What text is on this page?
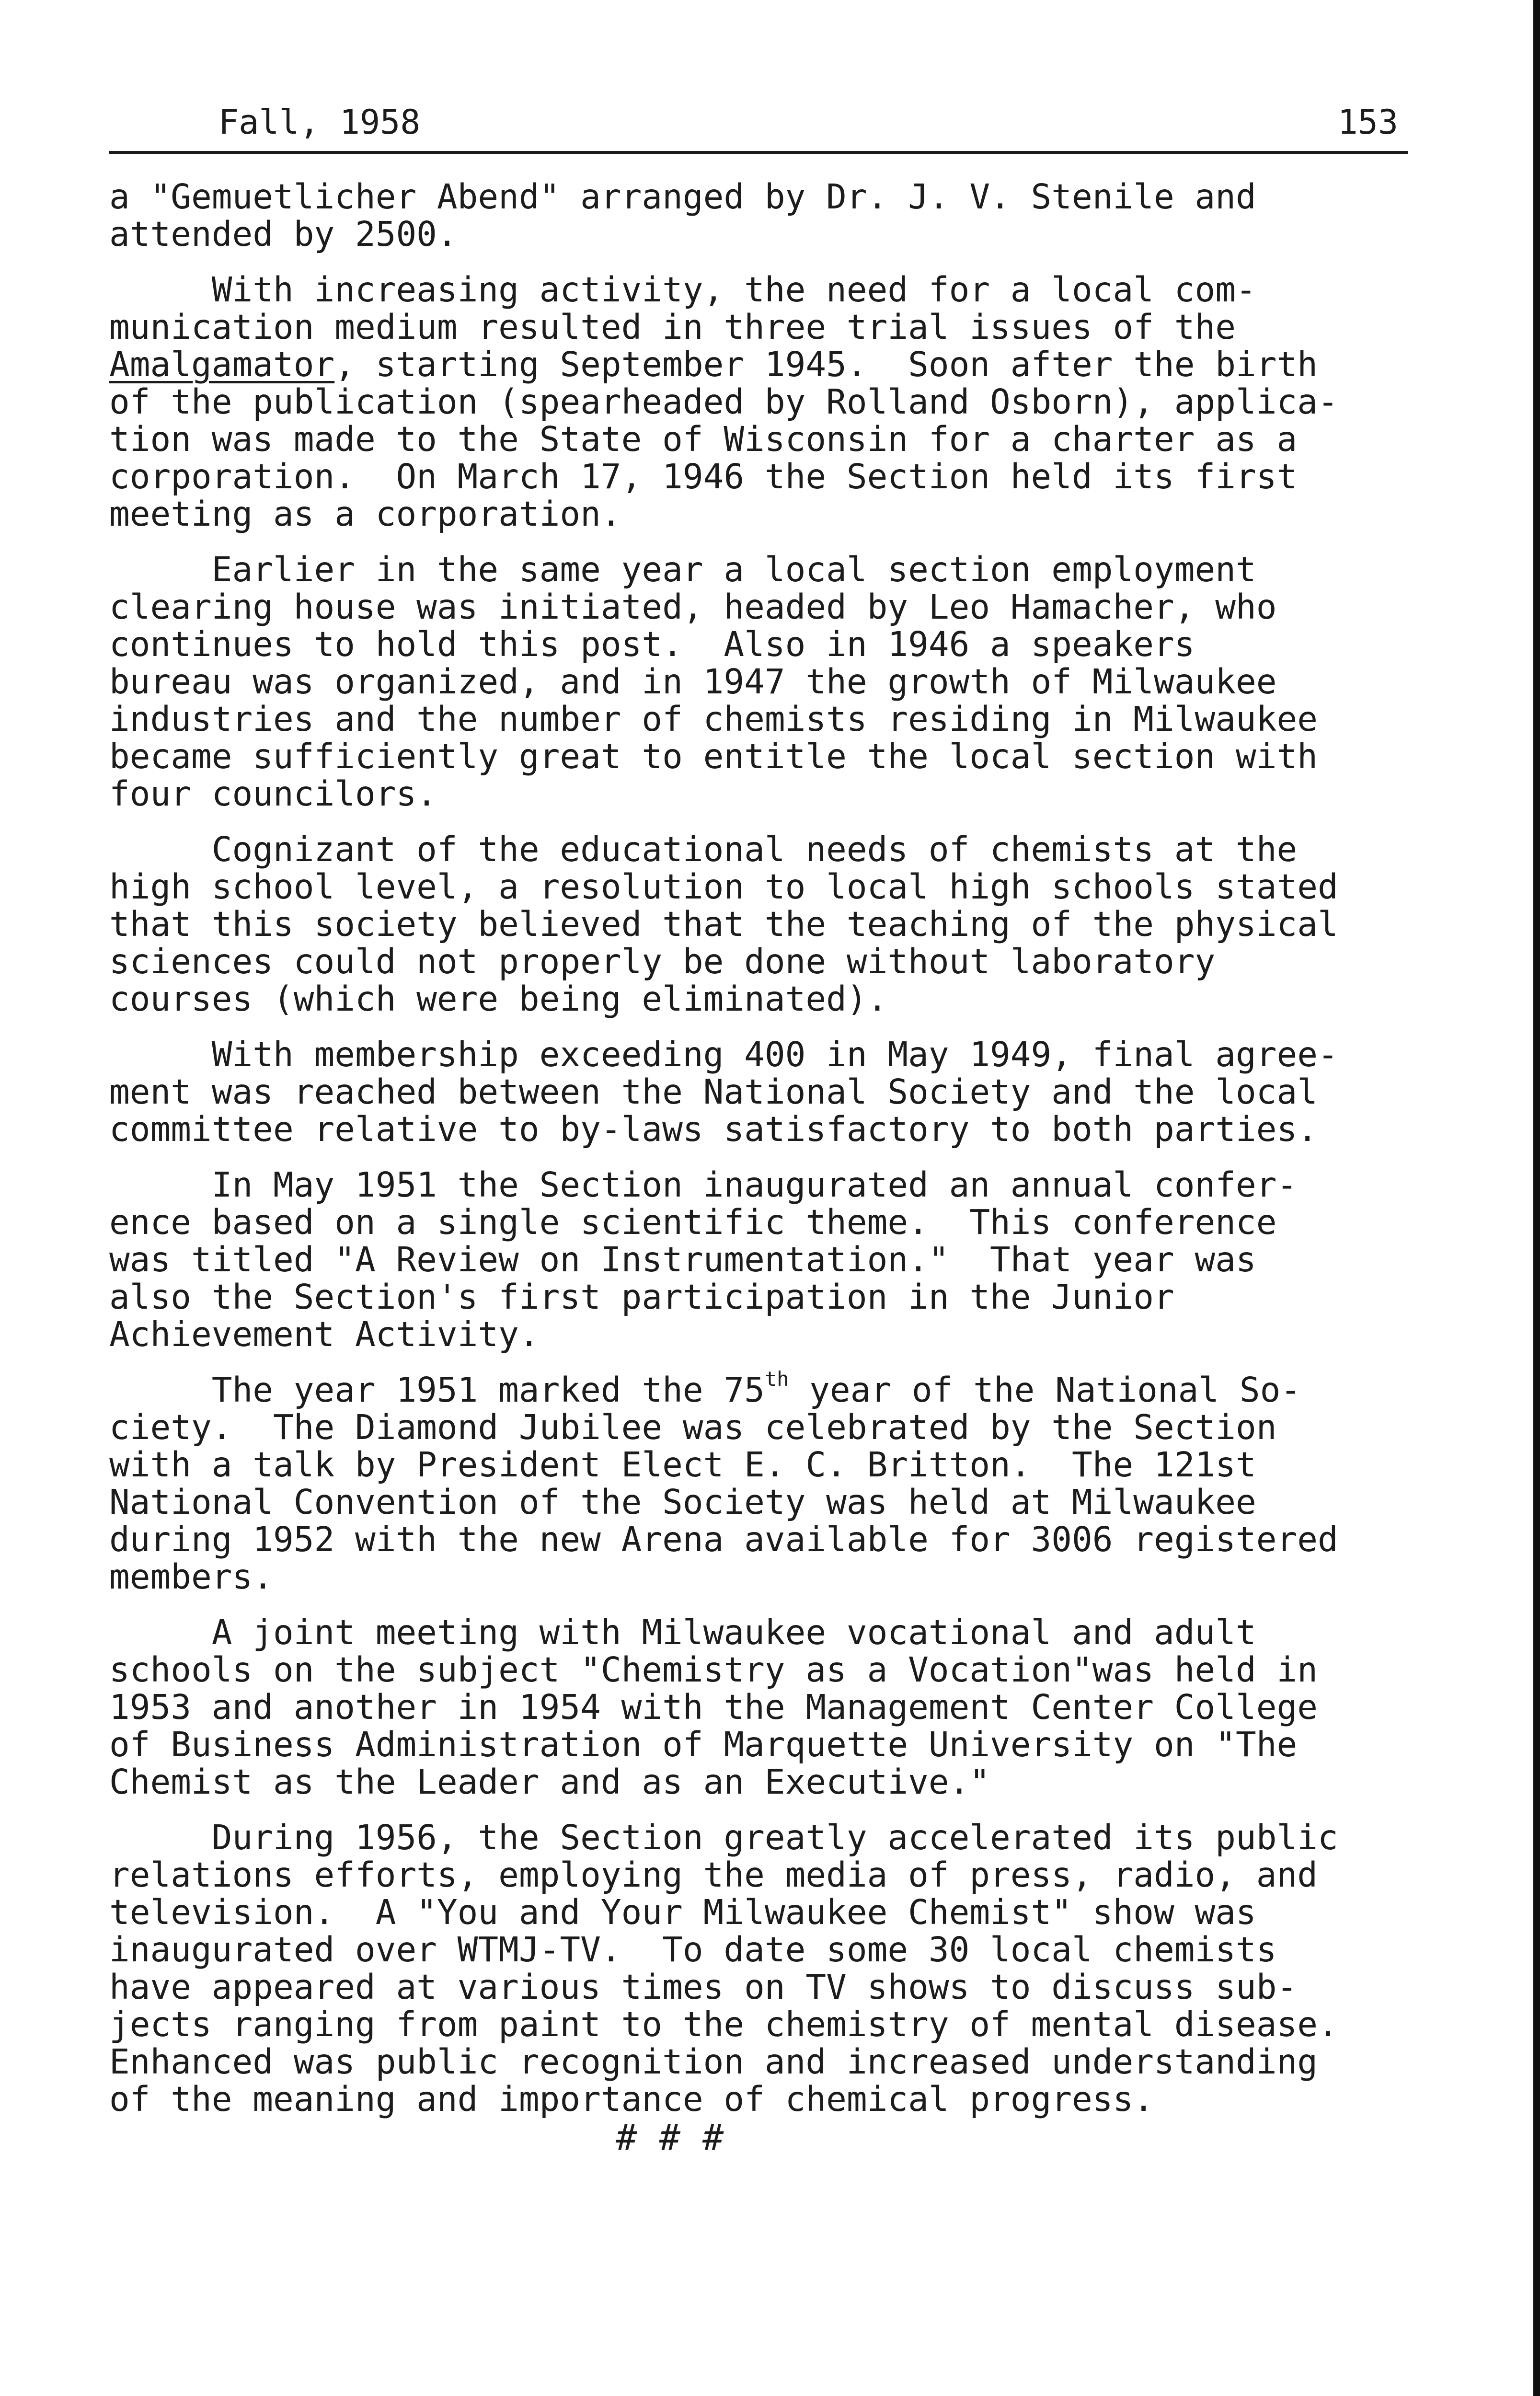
Fall, 1958	153
a "Gemuetlicher Abend" arranged by Dr. J. V. Stenile and
attended by 2500.
With increasing activity, the need for a local com-
munication medium resulted in three trial issues of the
Amalgamator, starting September 1945.  Soon after the birth
of the publication (spearheaded by Rolland Osborn), applica-
tion was made to the State of Wisconsin for a charter as a
corporation.  On March 17, 1946 the Section held its first
meeting as a corporation.
Earlier in the same year a local section employment
clearing house was initiated, headed by Leo Hamacher, who
continues to hold this post.  Also in 1946 a speakers
bureau was organized, and in 1947 the growth of Milwaukee
industries and the number of chemists residing in Milwaukee
became sufficiently great to entitle the local section with
four councilors.
Cognizant of the educational needs of chemists at the
high school level, a resolution to local high schools stated
that this society believed that the teaching of the physical
sciences could not properly be done without laboratory
courses (which were being eliminated).
With membership exceeding 400 in May 1949, final agree-
ment was reached between the National Society and the local
committee relative to by-laws satisfactory to both parties.
In May 1951 the Section inaugurated an annual confer-
ence based on a single scientific theme.  This conference
was titled "A Review on Instrumentation."  That year was
also the Section's first participation in the Junior
Achievement Activity.
The year 1951 marked the 75th year of the National So-
ciety.  The Diamond Jubilee was celebrated by the Section
with a talk by President Elect E. C. Britton.  The 121st
National Convention of the Society was held at Milwaukee
during 1952 with the new Arena available for 3006 registered
members.
A joint meeting with Milwaukee vocational and adult
schools on the subject "Chemistry as a Vocation"was held in
1953 and another in 1954 with the Management Center College
of Business Administration of Marquette University on "The
Chemist as the Leader and as an Executive."
During 1956, the Section greatly accelerated its public
relations efforts, employing the media of press, radio, and
television.  A "You and Your Milwaukee Chemist" show was
inaugurated over WTMJ-TV.  To date some 30 local chemists
have appeared at various times on TV shows to discuss sub-
jects ranging from paint to the chemistry of mental disease.
Enhanced was public recognition and increased understanding
of the meaning and importance of chemical progress.
# # #
